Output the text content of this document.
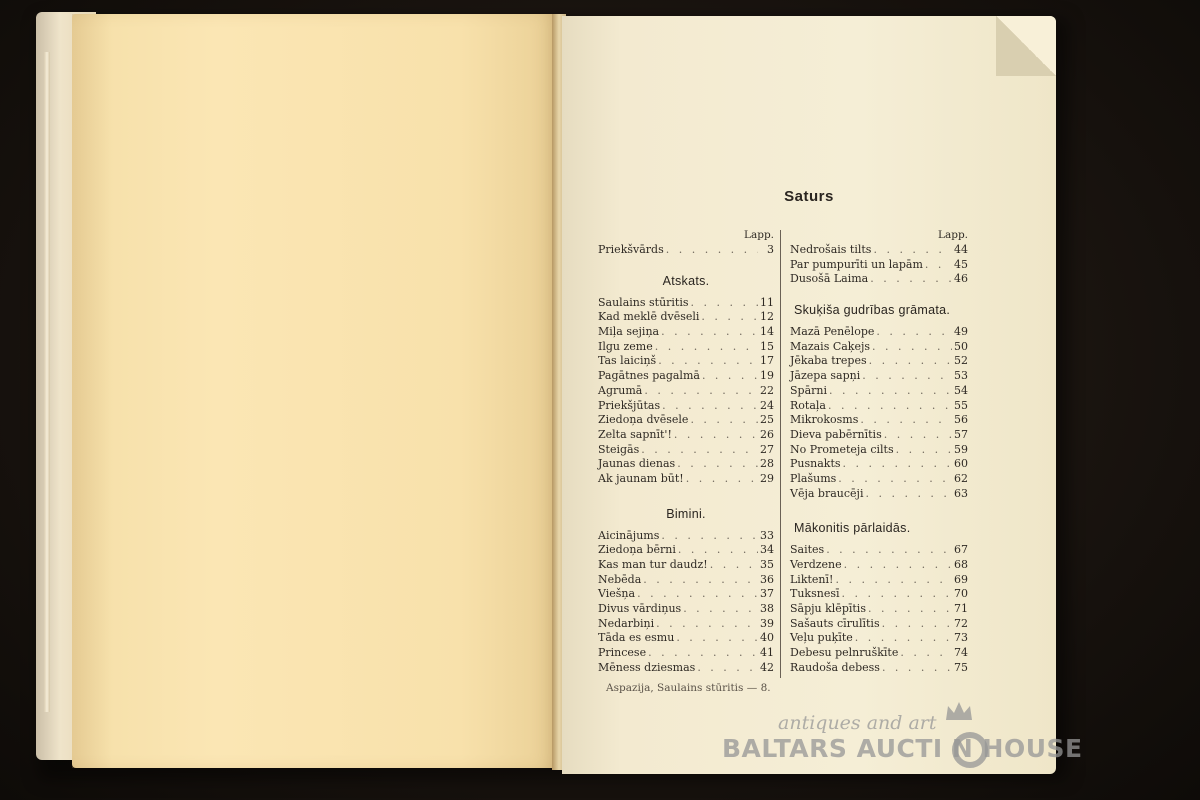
Saturs
Lapp.
Priekšvārds . . .	3
Atskats.
Saulains stūritis . . .	11
Kad meklē dvēseli . . .	12
Miļa sejiņa . . .	14
Ilgu zeme . . .	15
Tas laiciņš . . .	17
Pagātnes pagalmā . . .	19
Agrumā . . .	22
Priekšjūtas . . .	24
Ziedoņa dvēsele . . .	25
Zelta sapnīt'! . . .	26
Steigās . . .	27
Jaunas dienas . . .	28
Ak jaunam būt! . . .	29
Bimini.
Aicinājums . . .	33
Ziedoņa bērni . . .	34
Kas man tur daudz! . . .	35
Nebēda . . .	36
Viešņa . . .	37
Divus vārdiņus . . .	38
Nedarbiņi . . .	39
Tāda es esmu . . .	40
Princese . . .	41
Mēness dziesmas . . .	42
Lapp.
Nedrošais tilts . . .	44
Par pumpurīti un lapām . . .	45
Dusošā Laima . . .	46
Skuķiša gudrības grāmata.
Mazā Penēlope . . .	49
Mazais Caķejs . . .	50
Jēkaba trepes . . .	52
Jāzepa sapņi . . .	53
Spārni . . .	54
Rotaļa . . .	55
Mikrokosms . . .	56
Dieva pabērnītis . . .	57
No Prometeja cilts . . .	59
Pusnakts . . .	60
Plašums . . .	62
Vēja braucēji . . .	63
Mākonitis pārlaidās.
Saites . . .	67
Verdzene . . .	68
Liktenī! . . .	69
Tuksnesī . . .	70
Sāpju klēpītis . . .	71
Sašauts cīrulītis . . .	72
Veļu puķīte . . .	73
Debesu pelnruškīte . . .	74
Raudoša debess . . .	75
Aspazija, Saulains stūritis — 8.
antiques and art
BALTARS AUCTI N HOUSE
